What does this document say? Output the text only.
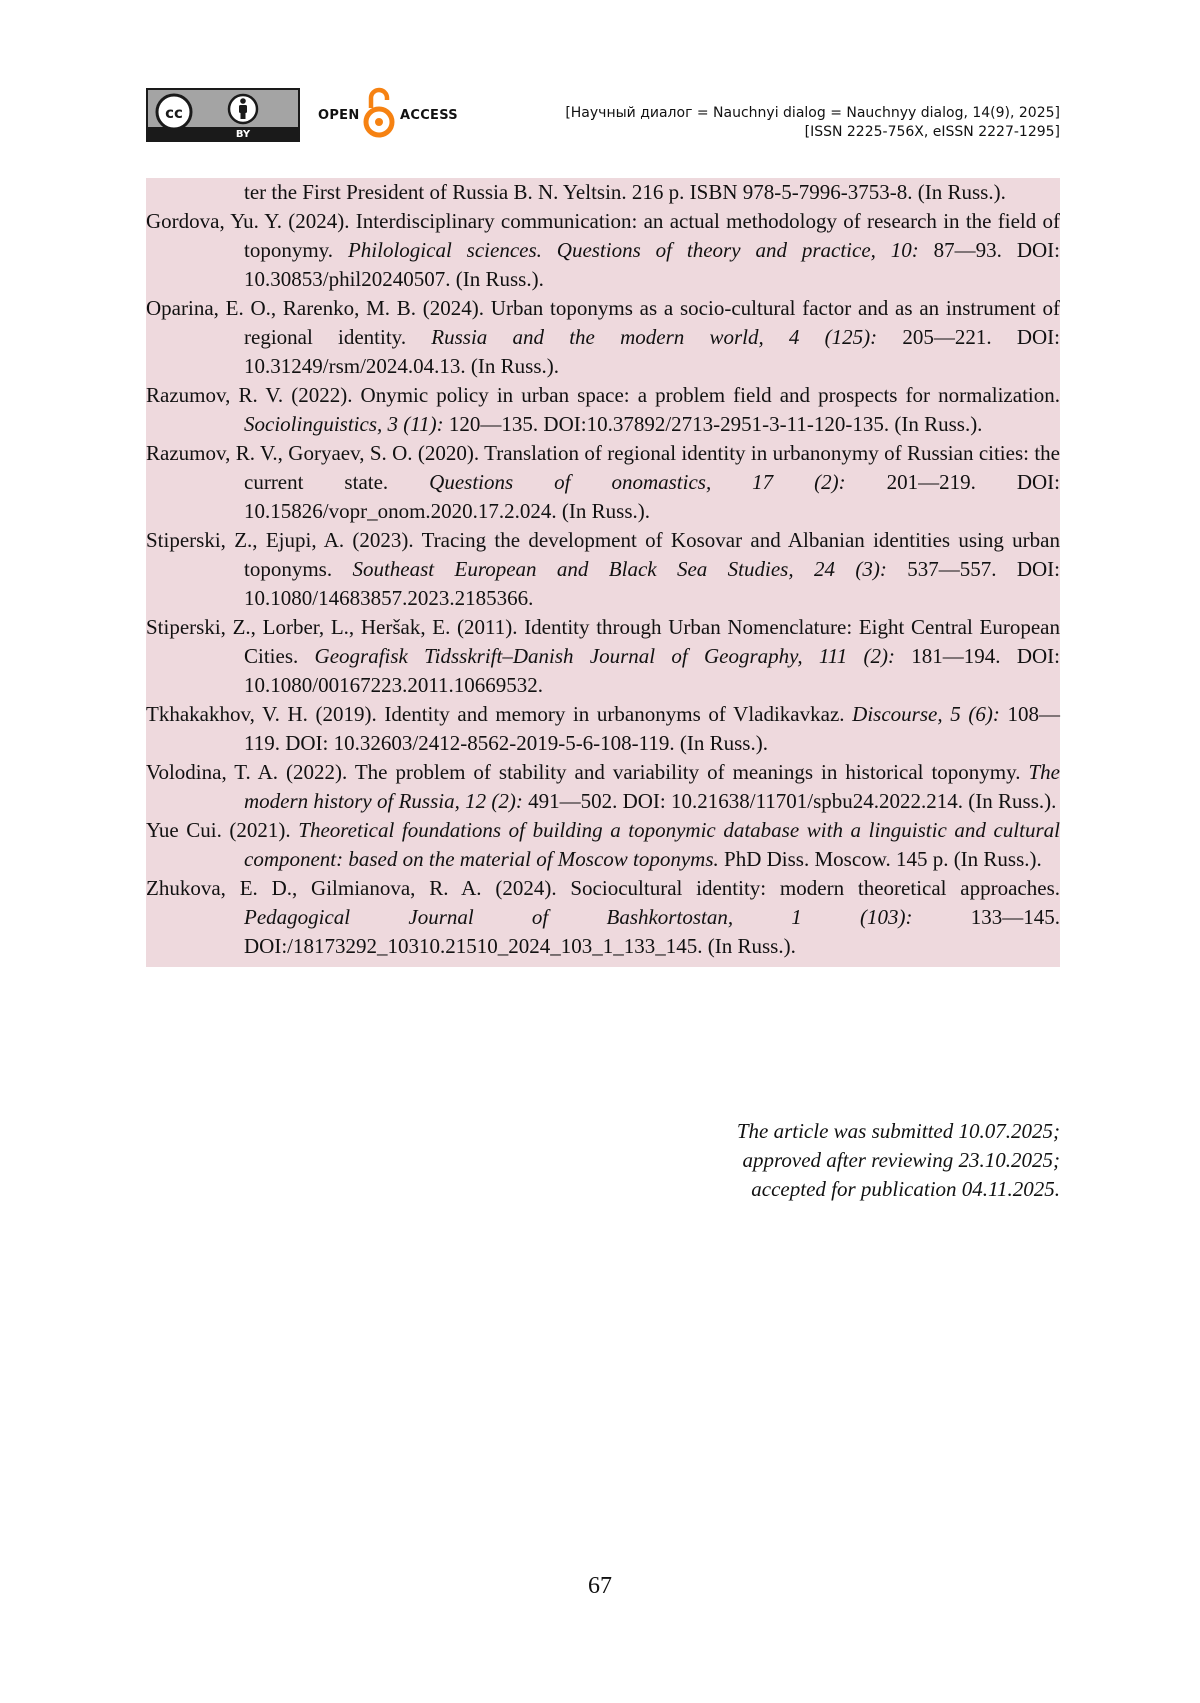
cc
BY
OPEN	ACCESS	[Научный диалог = Nauchnyi dialog = Nauchnyy dialog, 14(9), 2025]
[ISSN 2225-756X, eISSN 2227-1295]

ter the First President of Russia B. N. Yeltsin. 216 p. ISBN 978-5-7996-3753-8. (In Russ.).

Gordova, Yu. Y. (2024). Interdisciplinary communication: an actual methodology of research in the field of toponymy. Philological sciences. Questions of theory and practice, 10: 87—93. DOI: 10.30853/phil20240507. (In Russ.).

Oparina, E. O., Rarenko, M. B. (2024). Urban toponyms as a socio-cultural factor and as an instrument of regional identity. Russia and the modern world, 4 (125): 205—221. DOI: 10.31249/rsm/2024.04.13. (In Russ.).

Razumov, R. V. (2022). Onymic policy in urban space: a problem field and prospects for normalization. Sociolinguistics, 3 (11): 120—135. DOI:10.37892/2713-2951-3-11-120-135. (In Russ.).

Razumov, R. V., Goryaev, S. O. (2020). Translation of regional identity in urbanonymy of Russian cities: the current state. Questions of onomastics, 17 (2): 201—219. DOI: 10.15826/vopr_onom.2020.17.2.024. (In Russ.).

Stiperski, Z., Ejupi, A. (2023). Tracing the development of Kosovar and Albanian identities using urban toponyms. Southeast European and Black Sea Studies, 24 (3): 537—557. DOI: 10.1080/14683857.2023.2185366.

Stiperski, Z., Lorber, L., Heršak, E. (2011). Identity through Urban Nomenclature: Eight Central European Cities. Geografisk Tidsskrift–Danish Journal of Geography, 111 (2): 181—194. DOI: 10.1080/00167223.2011.10669532.

Tkhakakhov, V. H. (2019). Identity and memory in urbanonyms of Vladikavkaz. Discourse, 5 (6): 108—119. DOI: 10.32603/2412-8562-2019-5-6-108-119. (In Russ.).

Volodina, T. A. (2022). The problem of stability and variability of meanings in historical toponymy. The modern history of Russia, 12 (2): 491—502. DOI: 10.21638/11701/spbu24.2022.214. (In Russ.).

Yue Cui. (2021). Theoretical foundations of building a toponymic database with a linguistic and cultural component: based on the material of Moscow toponyms. PhD Diss. Moscow. 145 p. (In Russ.).

Zhukova, E. D., Gilmianova, R. A. (2024). Sociocultural identity: modern theoretical approaches. Pedagogical Journal of Bashkortostan, 1 (103): 133—145. DOI:/18173292_10310.21510_2024_103_1_133_145. (In Russ.).

The article was submitted 10.07.2025;
approved after reviewing 23.10.2025;
accepted for publication 04.11.2025.
67
